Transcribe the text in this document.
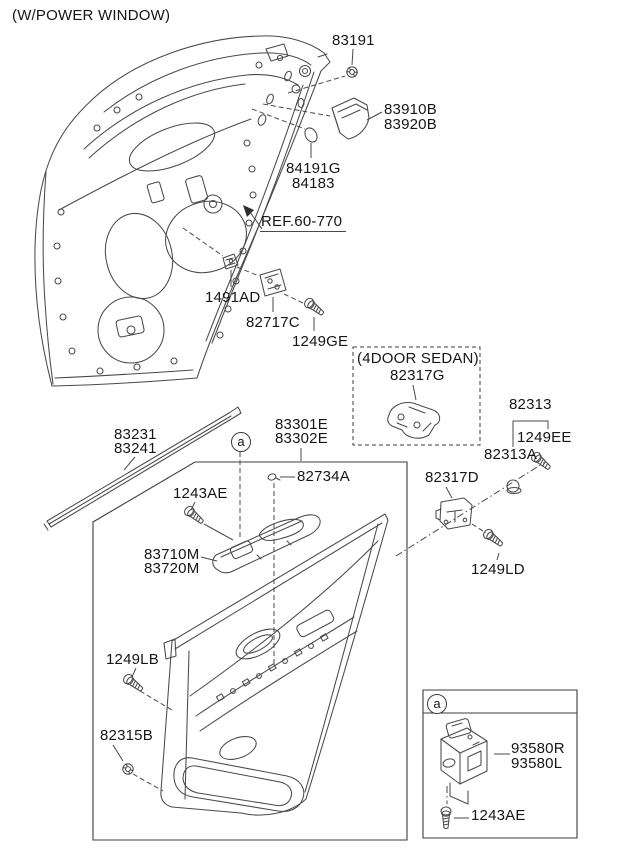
(W/POWER WINDOW)
83191
83910B
83920B
84191G
84183
REF.60-770
1491AD
82717C
1249GE
(4DOOR SEDAN)
82317G
82313
1249EE
82313A
83231
83241
83301E
83302E
82734A	82317D
1243AE
83710M
83720M	1249LD
1249LB
82315B
93580R
93580L
1243AE
a
a
